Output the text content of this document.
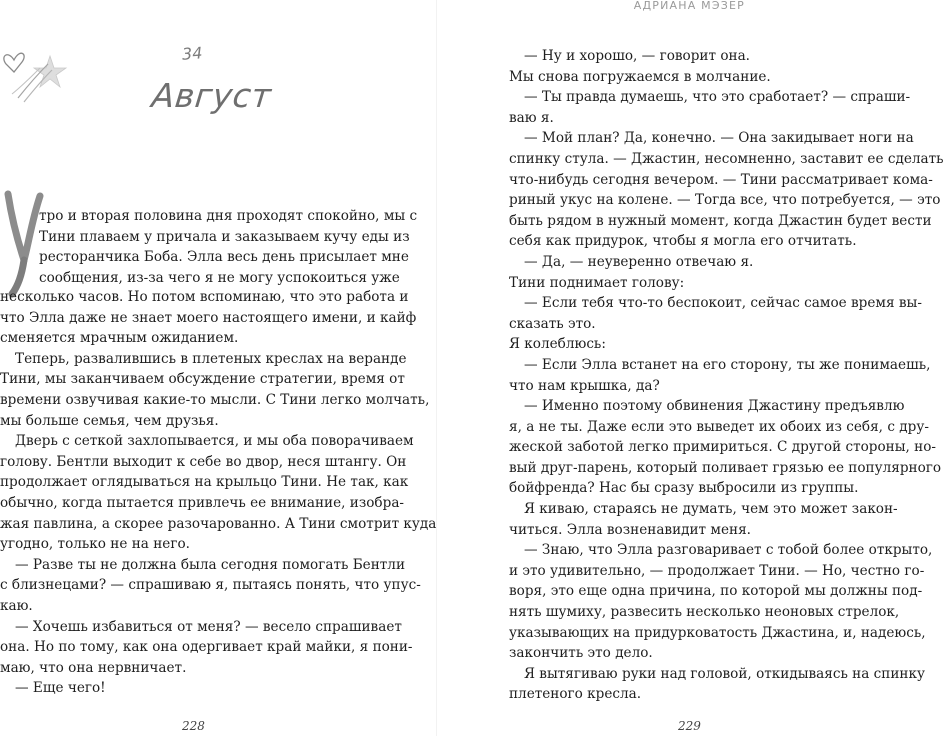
34
Август

тро и вторая половина дня проходят спокойно, мы с

Тини плаваем у причала и заказываем кучу еды из

ресторанчика Боба. Элла весь день присылает мне

сообщения, из-за чего я не могу успокоиться уже

несколько часов. Но потом вспоминаю, что это работа и

что Элла даже не знает моего настоящего имени, и кайф

сменяется мрачным ожиданием.

Теперь, развалившись в плетеных креслах на веранде

Тини, мы заканчиваем обсуждение стратегии, время от

времени озвучивая какие-то мысли. С Тини легко молчать,

мы больше семья, чем друзья.

Дверь с сеткой захлопывается, и мы оба поворачиваем

голову. Бентли выходит к себе во двор, неся штангу. Он

продолжает оглядываться на крыльцо Тини. Не так, как

обычно, когда пытается привлечь ее внимание, изобра-

жая павлина, а скорее разочарованно. А Тини смотрит куда

угодно, только не на него.

— Разве ты не должна была сегодня помогать Бентли

с близнецами? — спрашиваю я, пытаясь понять, что упус-

каю.

— Хочешь избавиться от меня? — весело спрашивает

она. Но по тому, как она одергивает край майки, я пони-

маю, что она нервничает.

— Еще чего!

228
АДРИАНА МЭЗЕР

— Ну и хорошо, — говорит она.

Мы снова погружаемся в молчание.

— Ты правда думаешь, что это сработает? — спраши-

ваю я.

— Мой план? Да, конечно. — Она закидывает ноги на

спинку стула. — Джастин, несомненно, заставит ее сделать

что-нибудь сегодня вечером. — Тини рассматривает кома-

риный укус на колене. — Тогда все, что потребуется, — это

быть рядом в нужный момент, когда Джастин будет вести

себя как придурок, чтобы я могла его отчитать.

— Да, — неуверенно отвечаю я.

Тини поднимает голову:

— Если тебя что-то беспокоит, сейчас самое время вы-

сказать это.

Я колеблюсь:

— Если Элла встанет на его сторону, ты же понимаешь,

что нам крышка, да?

— Именно поэтому обвинения Джастину предъявлю

я, а не ты. Даже если это выведет их обоих из себя, с дру-

жеской заботой легко примириться. С другой стороны, но-

вый друг-парень, который поливает грязью ее популярного

бойфренда? Нас бы сразу выбросили из группы.

Я киваю, стараясь не думать, чем это может закон-

читься. Элла возненавидит меня.

— Знаю, что Элла разговаривает с тобой более открыто,

и это удивительно, — продолжает Тини. — Но, честно го-

воря, это еще одна причина, по которой мы должны под-

нять шумиху, развесить несколько неоновых стрелок,

указывающих на придурковатость Джастина, и, надеюсь,

закончить это дело.

Я вытягиваю руки над головой, откидываясь на спинку

плетеного кресла.

229
